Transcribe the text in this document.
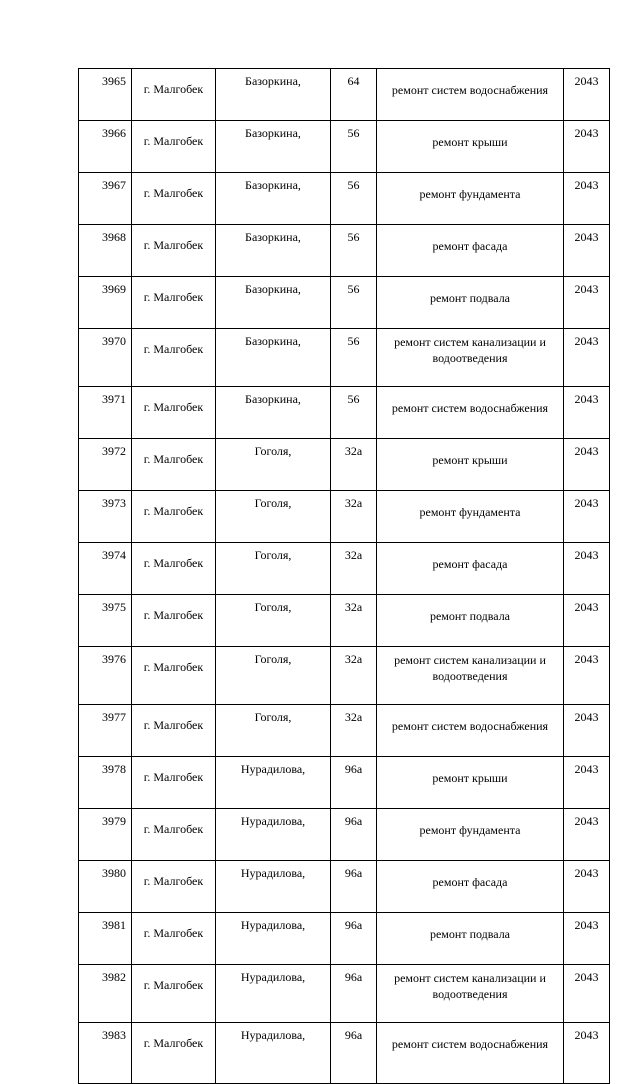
3965	г. Малгобек	Базоркина,	64	ремонт систем водоснабжения	2043
3966	г. Малгобек	Базоркина,	56	ремонт крыши	2043
3967	г. Малгобек	Базоркина,	56	ремонт фундамента	2043
3968	г. Малгобек	Базоркина,	56	ремонт фасада	2043
3969	г. Малгобек	Базоркина,	56	ремонт подвала	2043
3970	г. Малгобек	Базоркина,	56	ремонт систем канализации и водоотведения	2043
3971	г. Малгобек	Базоркина,	56	ремонт систем водоснабжения	2043
3972	г. Малгобек	Гоголя,	32а	ремонт крыши	2043
3973	г. Малгобек	Гоголя,	32а	ремонт фундамента	2043
3974	г. Малгобек	Гоголя,	32а	ремонт фасада	2043
3975	г. Малгобек	Гоголя,	32а	ремонт подвала	2043
3976	г. Малгобек	Гоголя,	32а	ремонт систем канализации и водоотведения	2043
3977	г. Малгобек	Гоголя,	32а	ремонт систем водоснабжения	2043
3978	г. Малгобек	Нурадилова,	96а	ремонт крыши	2043
3979	г. Малгобек	Нурадилова,	96а	ремонт фундамента	2043
3980	г. Малгобек	Нурадилова,	96а	ремонт фасада	2043
3981	г. Малгобек	Нурадилова,	96а	ремонт подвала	2043
3982	г. Малгобек	Нурадилова,	96а	ремонт систем канализации и водоотведения	2043
3983	г. Малгобек	Нурадилова,	96а	ремонт систем водоснабжения	2043
